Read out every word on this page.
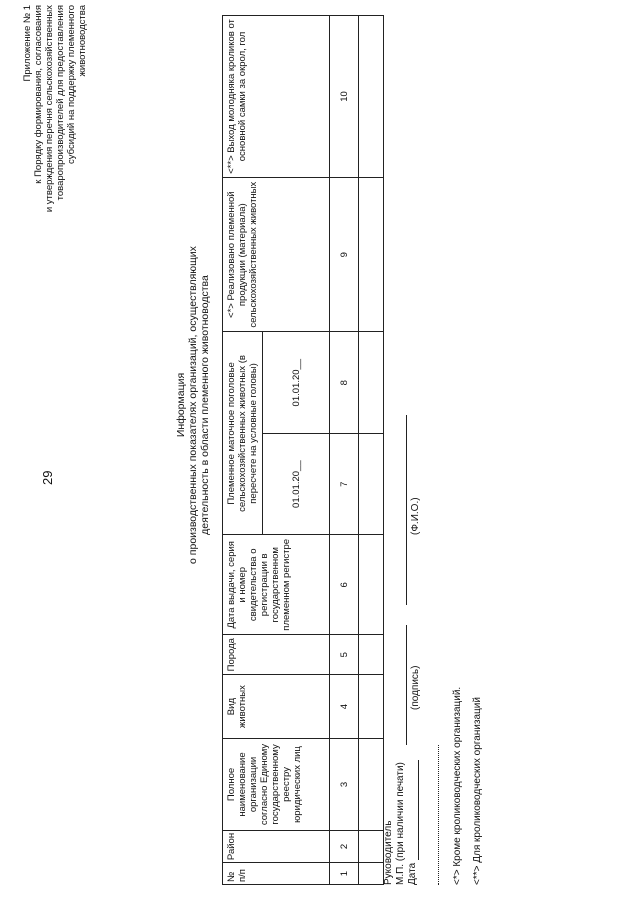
29
Приложение № 1 к Порядку формирования, согласования и утверждения перечня сельскохозяйственных товаропроизводителей для предоставления субсидий на поддержку племенного животноводства
Информация о производственных показателях организаций, осуществляющих деятельность в области племенного животноводства
№ п/п	Район	Полное наименование организации согласно Единому государственному реестру юридических лиц	Вид животных	Порода	Дата выдачи, серия и номер свидетельства о регистрации в государственном племенном регистре	Племенное маточное поголовье сельскохозяйственных животных (в пересчете на условные головы)		<*> Реализовано племенной продукции (материала) сельскохозяйственных животных	<**> Выход молодняка кроликов от основной самки за окрол, гол
						01.01.20__	01.01.20__		
1	2	3	4	5	6	7	8	9	10

Руководитель М.П. (при наличии печати)
(подпись)
(Ф.И.О.)
Дата	<*> Кроме кролиководческих организаций. <**> Для кролиководческих организаций
